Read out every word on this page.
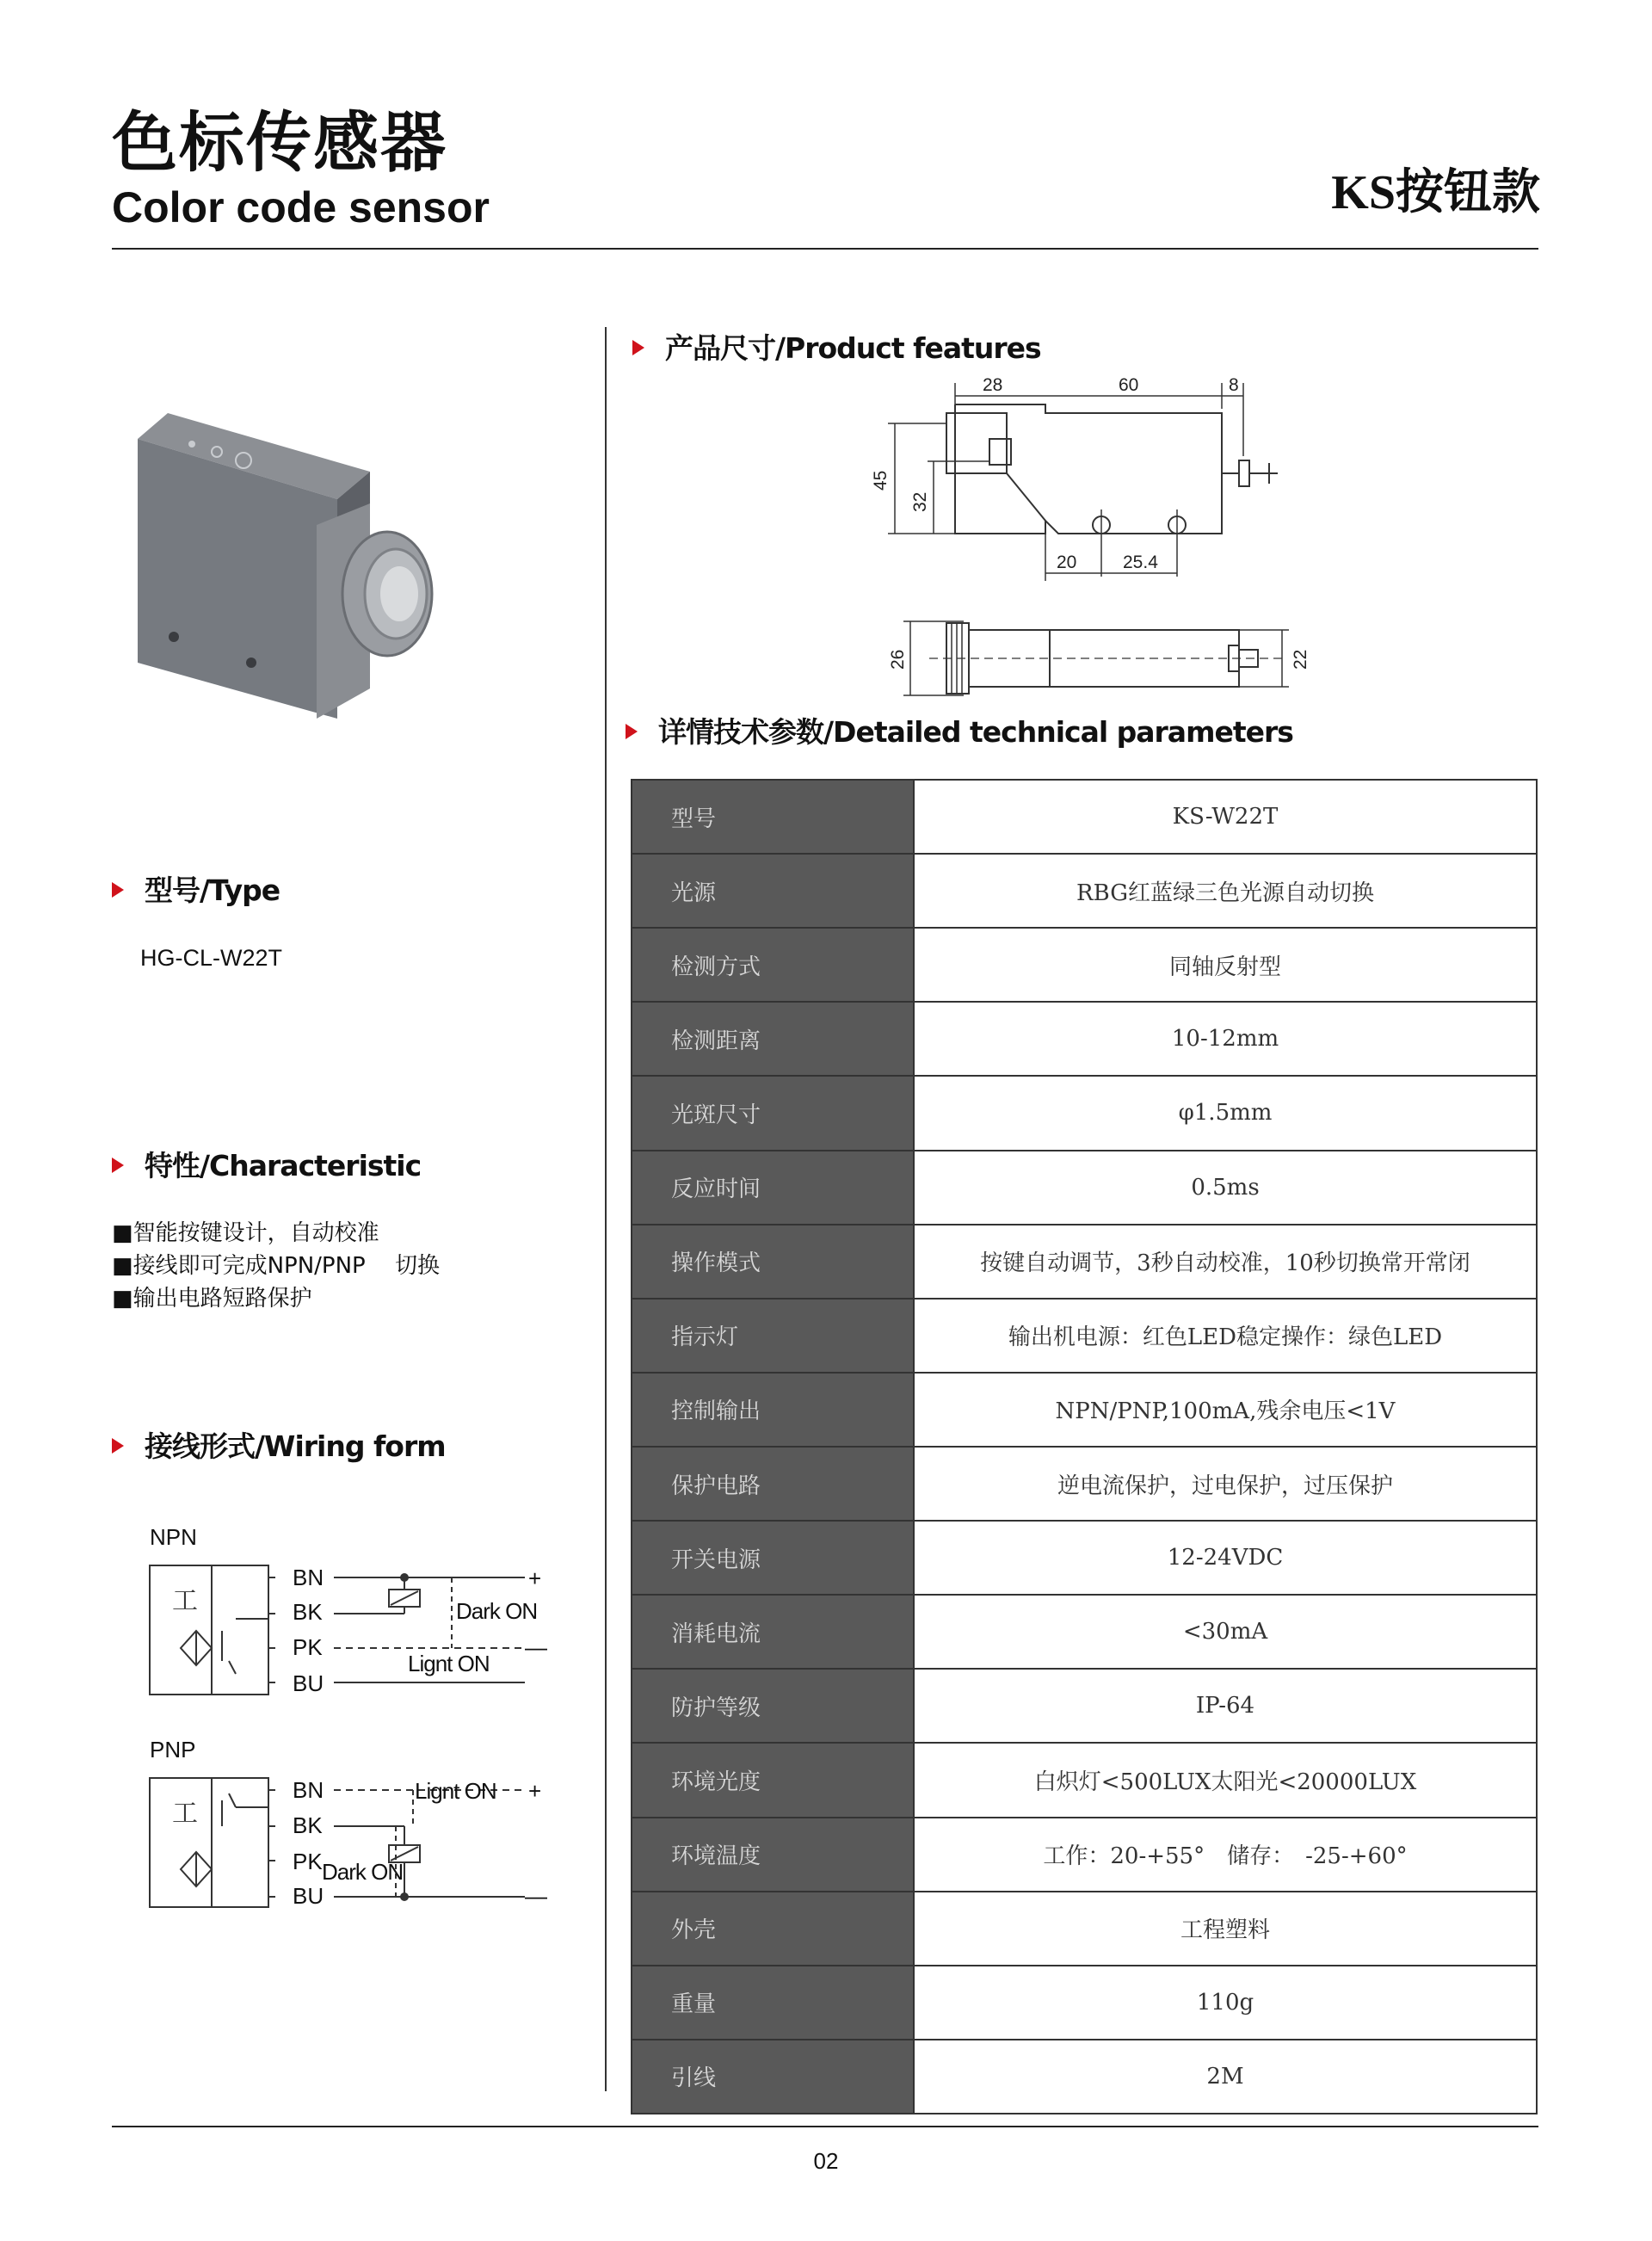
色标传感器
Color code sensor	KS按钮款
型号/Type
HG-CL-W22T
特性/Characteristic
■智能按键设计，自动校准
■接线即可完成NPN/PNP　 切换
■输出电路短路保护
接线形式/Wiring form
NPN
工
BN
BK
PK
BU
+
—
Dark ON
Lignt ON
PNP
工
BN
BK
PK
BU
+
—
Lignt ON
Dark ON
产品尺寸/Product features
28	60	8
45
32
20	25.4
26	22
详情技术参数/Detailed technical parameters
型号	KS-W22T
光源	RBG红蓝绿三色光源自动切换
检测方式	同轴反射型
检测距离	10-12mm
光斑尺寸	φ1.5mm
反应时间	0.5ms
操作模式	按键自动调节，3秒自动校准，10秒切换常开常闭
指示灯	输出机电源：红色LED稳定操作：绿色LED
控制输出	NPN/PNP,100mA,残余电压<1V
保护电路	逆电流保护，过电保护，过压保护
开关电源	12-24VDC
消耗电流	<30mA
防护等级	IP-64
环境光度	白炽灯<500LUX太阳光<20000LUX
环境温度	工作：20-+55°　储存：　-25-+60°
外壳	工程塑料
重量	110g
引线	2M
02
